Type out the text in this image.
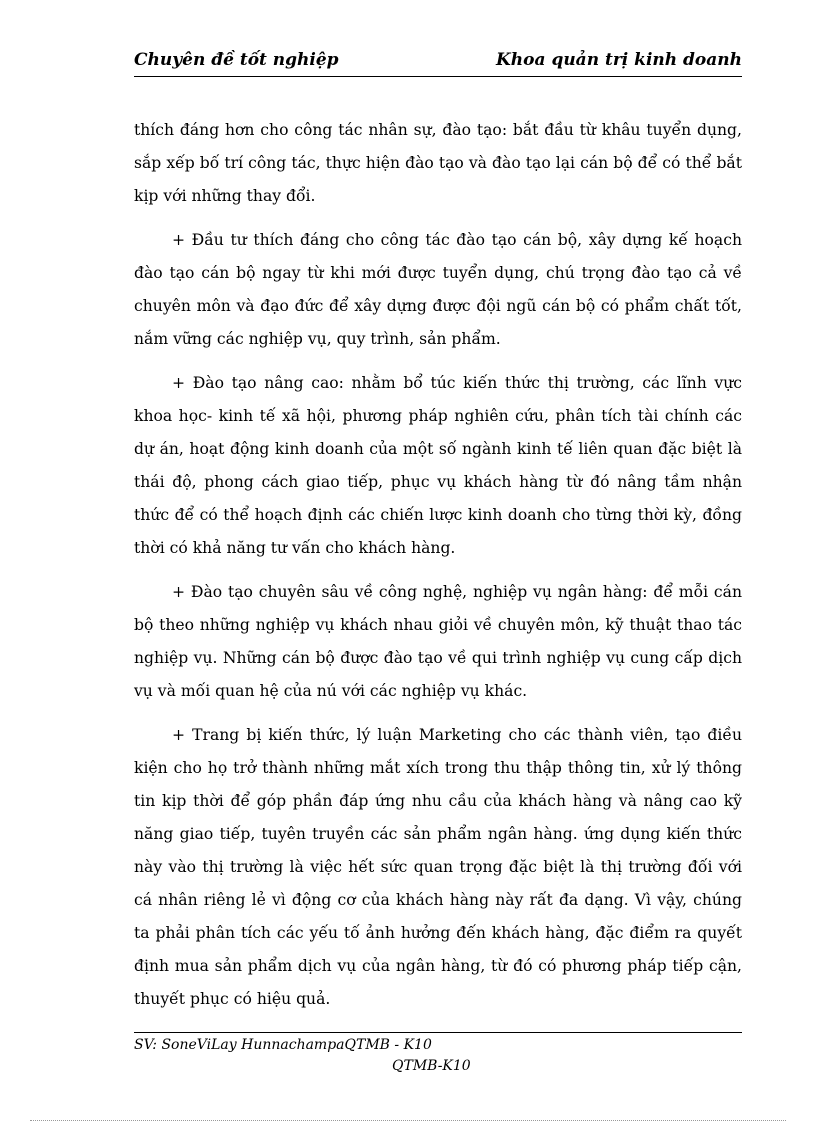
Chuyên đề tốt nghiệp	Khoa quản trị kinh doanh

thích đáng hơn cho công tác nhân sự, đào tạo: bắt đầu từ khâu tuyển dụng, sắp xếp bố trí công tác, thực hiện đào tạo và đào tạo lại cán bộ để có thể bắt kịp với những thay đổi.

+ Đầu tư thích đáng cho công tác đào tạo cán bộ, xây dựng kế hoạch đào tạo cán bộ ngay từ khi mới được tuyển dụng, chú trọng đào tạo cả về chuyên môn và đạo đức để xây dựng được đội ngũ cán bộ có phẩm chất tốt, nắm vững các nghiệp vụ, quy trình, sản phẩm.

+ Đào tạo nâng cao: nhằm bổ túc kiến thức thị trường, các lĩnh vực khoa học- kinh tế xã hội, phương pháp nghiên cứu, phân tích tài chính các dự án, hoạt động kinh doanh của một số ngành kinh tế liên quan đặc biệt là thái độ, phong cách giao tiếp, phục vụ khách hàng từ đó nâng tầm nhận thức để có thể hoạch định các chiến lược kinh doanh cho từng thời kỳ, đồng thời có khả năng tư vấn cho khách hàng.

+ Đào tạo chuyên sâu về công nghệ, nghiệp vụ ngân hàng: để mỗi cán bộ theo những nghiệp vụ khách nhau giỏi về chuyên môn, kỹ thuật thao tác nghiệp vụ. Những cán bộ được đào tạo về qui trình nghiệp vụ cung cấp dịch vụ và mối quan hệ của nú với các nghiệp vụ khác.

+ Trang bị kiến thức, lý luận Marketing cho các thành viên, tạo điều kiện cho họ trở thành những mắt xích trong thu thập thông tin, xử lý thông tin kịp thời để góp phần đáp ứng nhu cầu của khách hàng và nâng cao kỹ năng giao tiếp, tuyên truyền các sản phẩm ngân hàng. ứng dụng kiến thức này vào thị trường là việc hết sức quan trọng đặc biệt là thị trường đối với cá nhân riêng lẻ vì động cơ của khách hàng này rất đa dạng. Vì vậy, chúng ta phải phân tích các yếu tố ảnh hưởng đến khách hàng, đặc điểm ra quyết định mua sản phẩm dịch vụ của ngân hàng, từ đó có phương pháp tiếp cận, thuyết phục có hiệu quả.

SV: SoneViLay HunnachampaQTMB - K10
QTMB-K10
